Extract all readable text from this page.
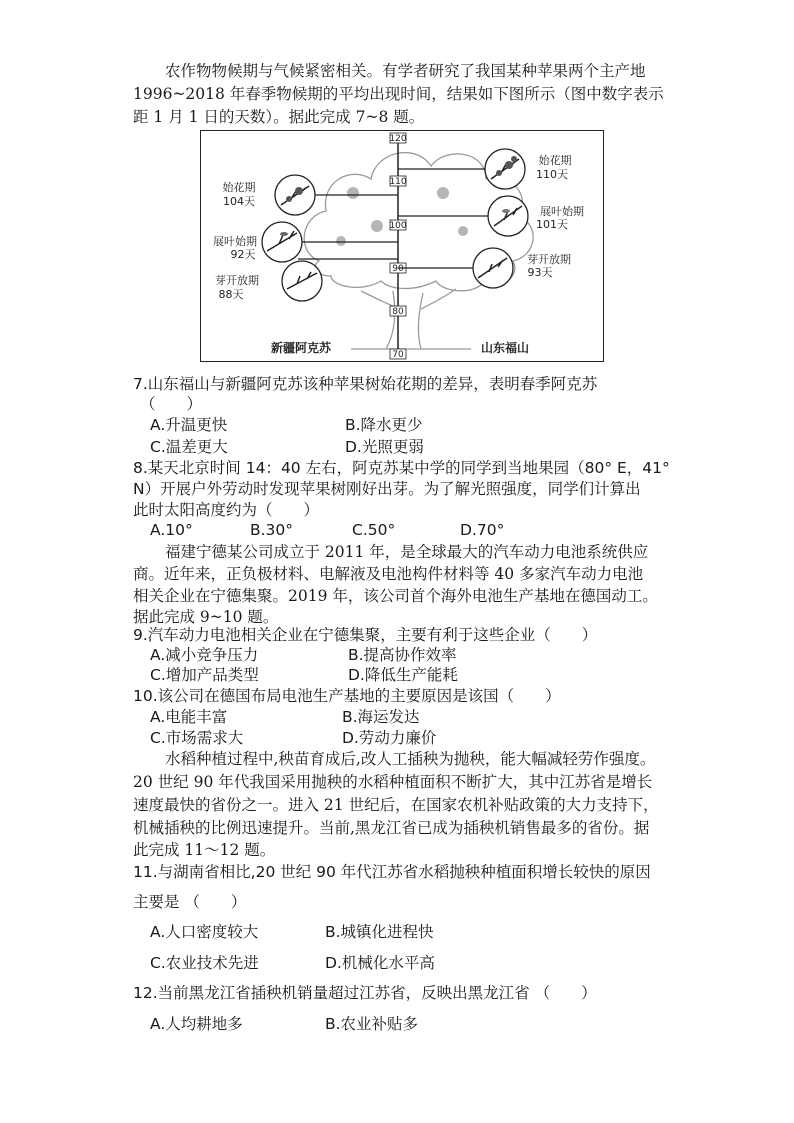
农作物物候期与气候紧密相关。有学者研究了我国某种苹果两个主产地
1996~2018 年春季物候期的平均出现时间，结果如下图所示（图中数字表示
距 1 月 1 日的天数）。据此完成 7~8 题。
120
110
100
90
80
70
始花期
104天
展叶始期
92天
芽开放期
88天
始花期
110天
展叶始期
101天
芽开放期
93天
新疆阿克苏	山东福山
7.山东福山与新疆阿克苏该种苹果树始花期的差异，表明春季阿克苏
（　　）
A.升温更快	B.降水更少
C.温差更大	D.光照更弱
8.某天北京时间 14：40 左右，阿克苏某中学的同学到当地果园（80° E，41°
N）开展户外劳动时发现苹果树刚好出芽。为了解光照强度，同学们计算出
此时太阳高度约为（　　）
A.10°	B.30°	C.50°	D.70°
福建宁德某公司成立于 2011 年，是全球最大的汽车动力电池系统供应
商。近年来，正负极材料、电解液及电池构件材料等 40 多家汽车动力电池
相关企业在宁德集聚。2019 年，该公司首个海外电池生产基地在德国动工。
据此完成 9~10 题。
9.汽车动力电池相关企业在宁德集聚，主要有利于这些企业（　　）
A.减小竞争压力	B.提高协作效率
C.增加产品类型	D.降低生产能耗
10.该公司在德国布局电池生产基地的主要原因是该国（　　）
A.电能丰富	B.海运发达
C.市场需求大	D.劳动力廉价
水稻种植过程中,秧苗育成后,改人工插秧为抛秧，能大幅减轻劳作强度。
20 世纪 90 年代我国采用抛秧的水稻种植面积不断扩大，其中江苏省是增长
速度最快的省份之一。进入 21 世纪后，在国家农机补贴政策的大力支持下，
机械插秧的比例迅速提升。当前,黑龙江省已成为插秧机销售最多的省份。据
此完成 11～12 题。
11.与湖南省相比,20 世纪 90 年代江苏省水稻抛秧种植面积增长较快的原因
主要是 （　　）
A.人口密度较大	B.城镇化进程快
C.农业技术先进	D.机械化水平高
12.当前黑龙江省插秧机销量超过江苏省，反映出黑龙江省 （　　）
A.人均耕地多	B.农业补贴多
